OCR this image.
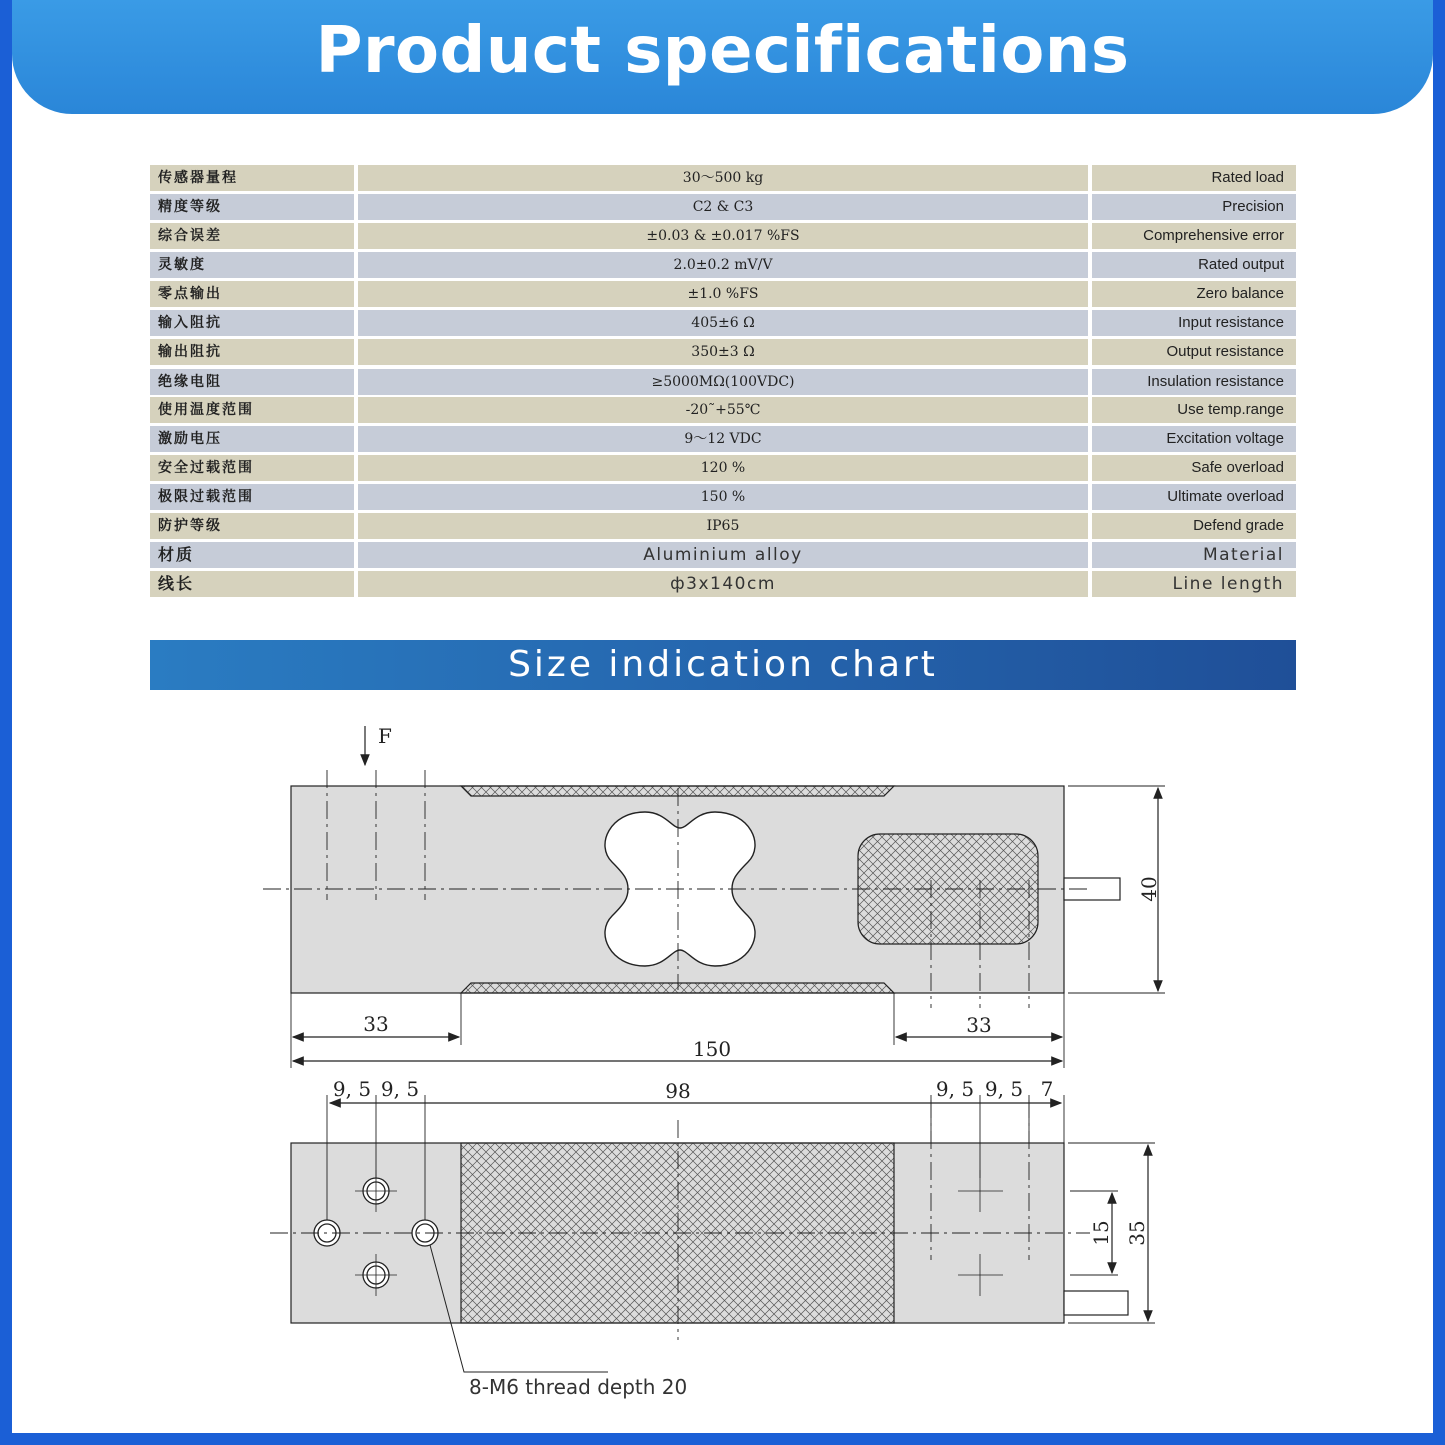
Product specifications
传感器量程	30～500 kg	Rated load
精度等级	C2 & C3	Precision
综合误差	±0.03 & ±0.017 %FS	Comprehensive error
灵敏度	2.0±0.2 mV/V	Rated output
零点输出	±1.0 %FS	Zero balance
输入阻抗	405±6 Ω	Input resistance
输出阻抗	350±3 Ω	Output resistance
绝缘电阻	≥5000MΩ(100VDC)	Insulation resistance
使用温度范围	-20˜+55℃	Use temp.range
激励电压	9～12 VDC	Excitation voltage
安全过载范围	120 %	Safe overload
极限过载范围	150 %	Ultimate overload
防护等级	IP65	Defend grade
材质	Aluminium alloy	Material
线长	ф3x140cm	Line length
Size indication chart
F
33	33
150
40
9, 5 9, 5	98	9, 5 9, 5 7
15 35
8-M6 thread depth 20
